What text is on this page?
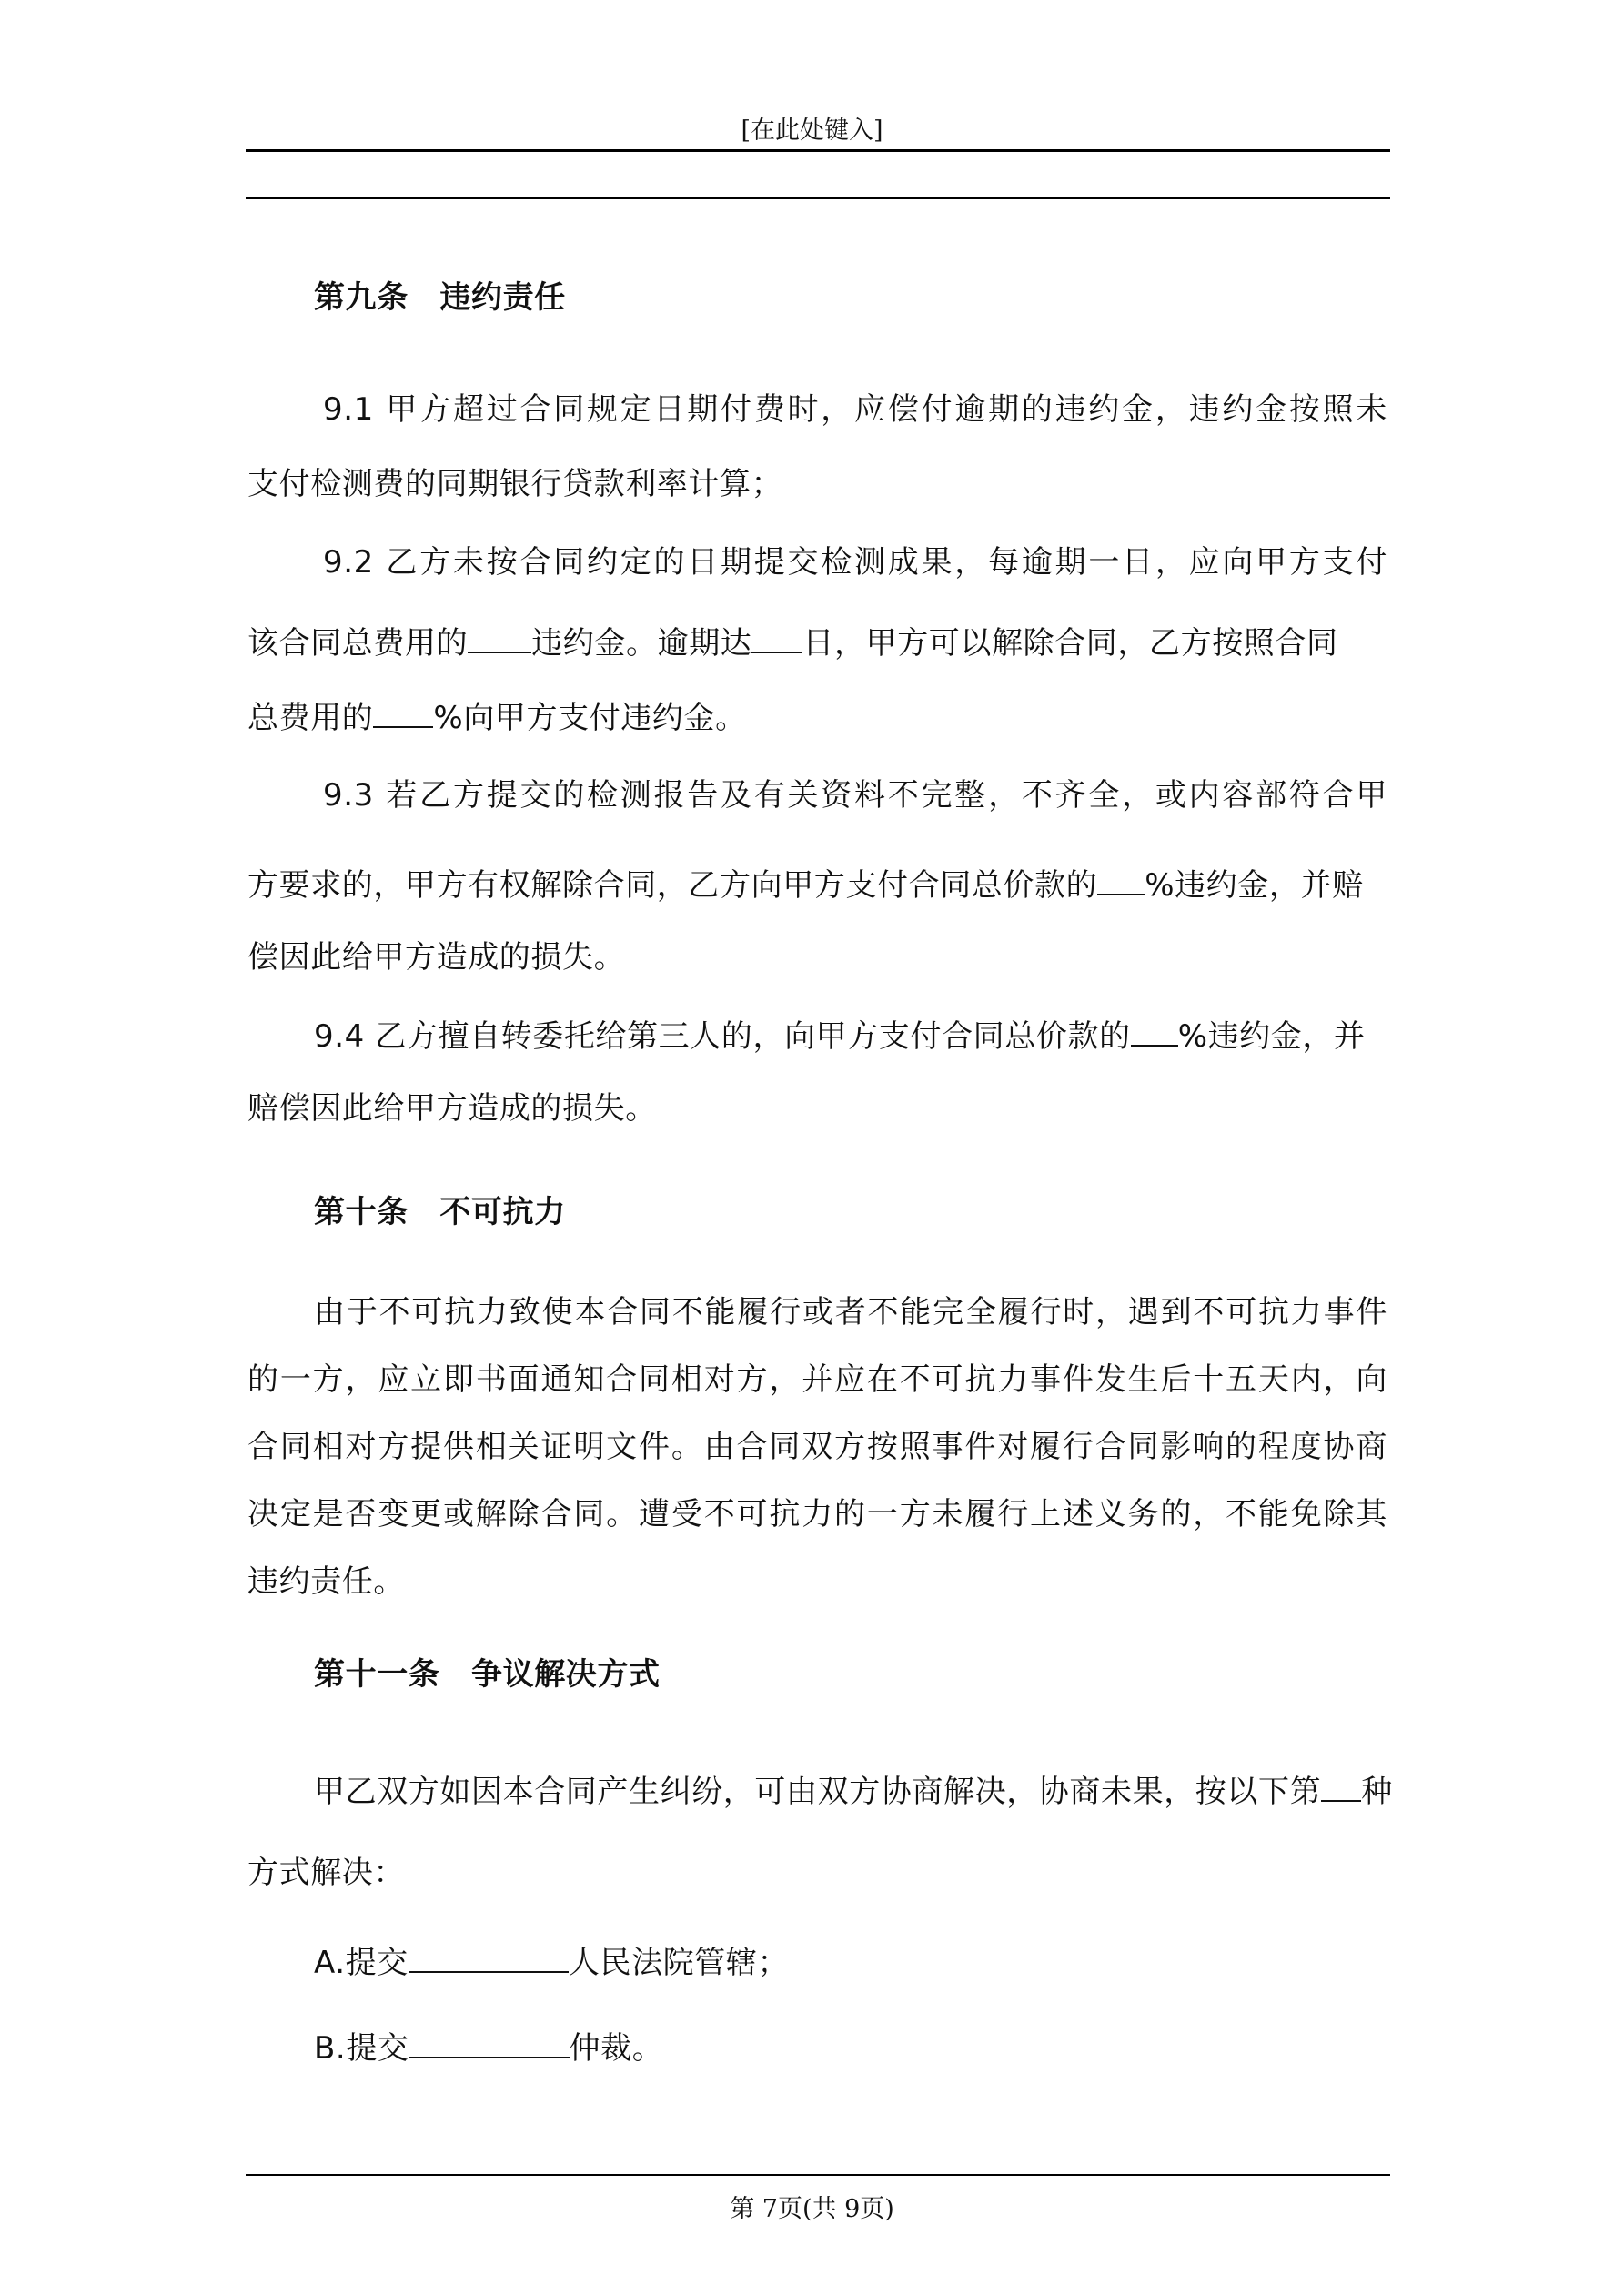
[在此处键入]
第九条　违约责任
9.1 甲方超过合同规定日期付费时，应偿付逾期的违约金，违约金按照未
支付检测费的同期银行贷款利率计算；
9.2 乙方未按合同约定的日期提交检测成果，每逾期一日，应向甲方支付
该合同总费用的 违约金。逾期达 日，甲方可以解除合同，乙方按照合同
总费用的 %向甲方支付违约金。
9.3 若乙方提交的检测报告及有关资料不完整，不齐全，或内容部符合甲
方要求的，甲方有权解除合同，乙方向甲方支付合同总价款的 %违约金，并赔
偿因此给甲方造成的损失。
9.4 乙方擅自转委托给第三人的，向甲方支付合同总价款的 %违约金，并
赔偿因此给甲方造成的损失。
第十条　不可抗力
由于不可抗力致使本合同不能履行或者不能完全履行时，遇到不可抗力事件
的一方，应立即书面通知合同相对方，并应在不可抗力事件发生后十五天内，向
合同相对方提供相关证明文件。由合同双方按照事件对履行合同影响的程度协商
决定是否变更或解除合同。遭受不可抗力的一方未履行上述义务的，不能免除其
违约责任。
第十一条　争议解决方式
甲乙双方如因本合同产生纠纷，可由双方协商解决，协商未果，按以下第 种
方式解决：
A.提交	人民法院管辖；
B.提交	仲裁。
第 7页(共 9页)
